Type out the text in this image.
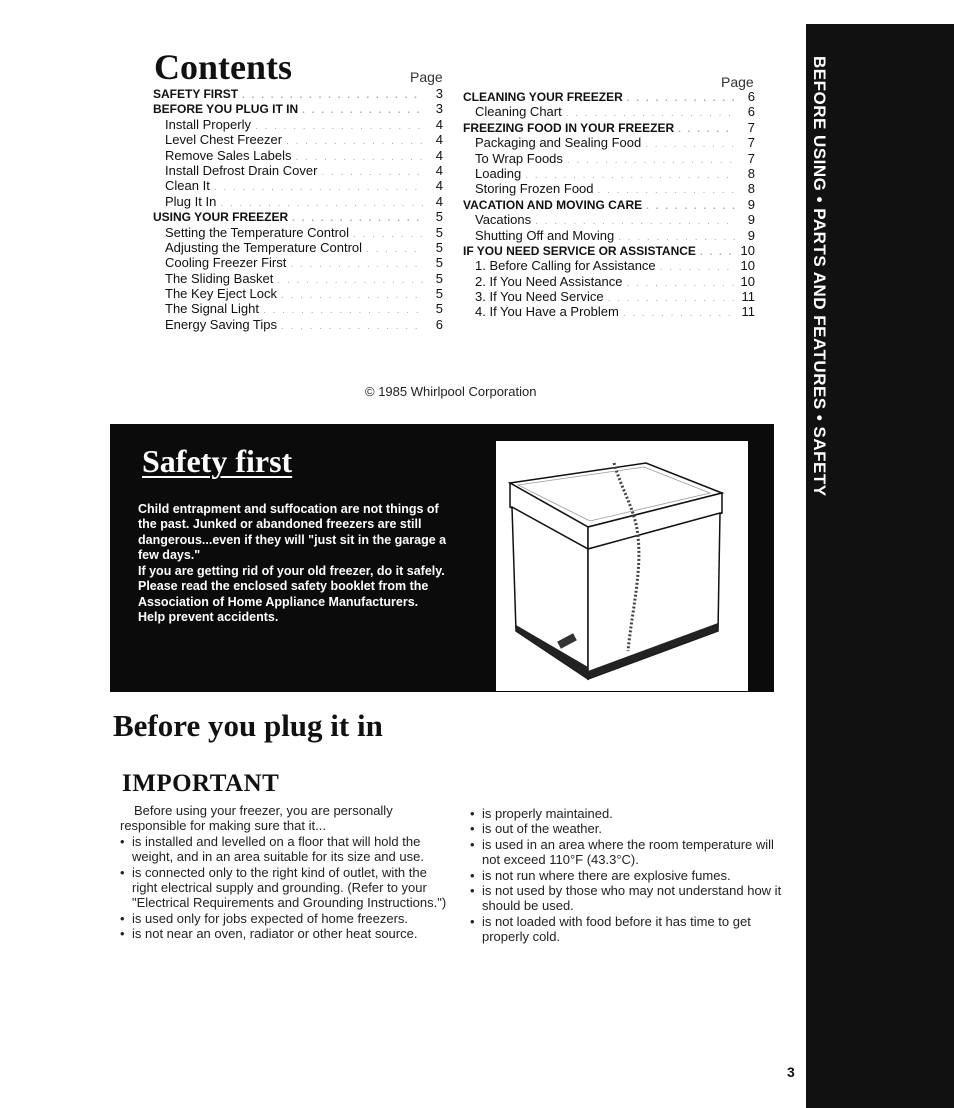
BEFORE USING • PARTS AND FEATURES • SAFETY
3
Contents	Page	Page
SAFETY FIRST . . .	3
BEFORE YOU PLUG IT IN . . .	3
Install Properly . . .	4
Level Chest Freezer . . .	4
Remove Sales Labels . . .	4
Install Defrost Drain Cover . . .	4
Clean It . . .	4
Plug It In . . .	4
USING YOUR FREEZER . . .	5
Setting the Temperature Control . . .	5
Adjusting the Temperature Control . . .	5
Cooling Freezer First . . .	5
The Sliding Basket . . .	5
The Key Eject Lock . . .	5
The Signal Light . . .	5
Energy Saving Tips . . .	6
CLEANING YOUR FREEZER . . .	6
Cleaning Chart . . .	6
FREEZING FOOD IN YOUR FREEZER . . .	7
Packaging and Sealing Food . . .	7
To Wrap Foods . . .	7
Loading . . .	8
Storing Frozen Food . . .	8
VACATION AND MOVING CARE . . .	9
Vacations . . .	9
Shutting Off and Moving . . .	9
IF YOU NEED SERVICE OR ASSISTANCE . . .	10
1. Before Calling for Assistance . . .	10
2. If You Need Assistance . . .	10
3. If You Need Service . . .	11
4. If You Have a Problem . . .	11
© 1985 Whirlpool Corporation
Safety first

Child entrapment and suffocation are not things of the past. Junked or abandoned freezers are still dangerous...even if they will "just sit in the garage a few days."

If you are getting rid of your old freezer, do it safely. Please read the enclosed safety booklet from the Association of Home Appliance Manufacturers. Help prevent accidents.

Before you plug it in
IMPORTANT

Before using your freezer, you are personally responsible for making sure that it...

• is installed and levelled on a floor that will hold the weight, and in an area suitable for its size and use.

• is connected only to the right kind of outlet, with the right electrical supply and grounding. (Refer to your "Electrical Requirements and Grounding Instructions.")

• is used only for jobs expected of home freezers.

• is not near an oven, radiator or other heat source.

• is properly maintained.

• is out of the weather.

• is used in an area where the room temperature will not exceed 110°F (43.3°C).

• is not run where there are explosive fumes.

• is not used by those who may not understand how it should be used.

• is not loaded with food before it has time to get properly cold.
